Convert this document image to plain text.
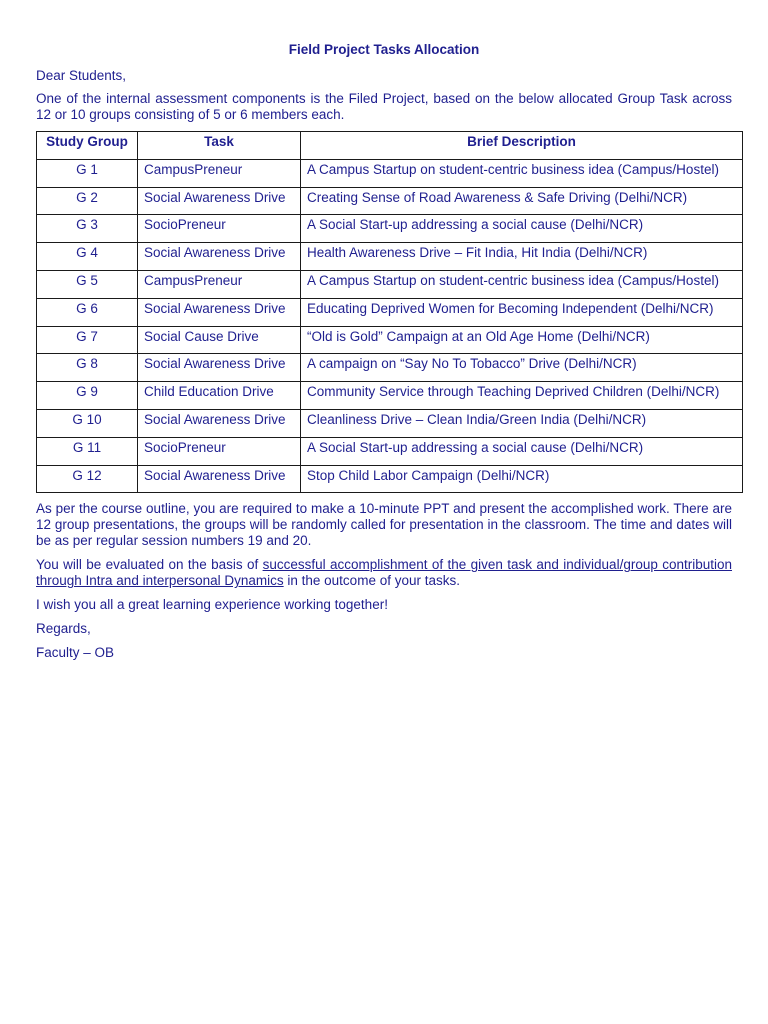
Field Project Tasks Allocation
Dear Students,
One of the internal assessment components is the Filed Project, based on the below allocated Group Task across 12 or 10 groups consisting of 5 or 6 members each.
Study Group	Task	Brief Description
G 1	CampusPreneur	A Campus Startup on student-centric business idea (Campus/Hostel)
G 2	Social Awareness Drive	Creating Sense of Road Awareness & Safe Driving (Delhi/NCR)
G 3	SocioPreneur	A Social Start-up addressing a social cause (Delhi/NCR)
G 4	Social Awareness Drive	Health Awareness Drive – Fit India, Hit India (Delhi/NCR)
G 5	CampusPreneur	A Campus Startup on student-centric business idea (Campus/Hostel)
G 6	Social Awareness Drive	Educating Deprived Women for Becoming Independent (Delhi/NCR)
G 7	Social Cause Drive	“Old is Gold” Campaign at an Old Age Home (Delhi/NCR)
G 8	Social Awareness Drive	A campaign on “Say No To Tobacco” Drive (Delhi/NCR)
G 9	Child Education Drive	Community Service through Teaching Deprived Children (Delhi/NCR)
G 10	Social Awareness Drive	Cleanliness Drive – Clean India/Green India (Delhi/NCR)
G 11	SocioPreneur	A Social Start-up addressing a social cause (Delhi/NCR)
G 12	Social Awareness Drive	Stop Child Labor Campaign (Delhi/NCR)
As per the course outline, you are required to make a 10-minute PPT and present the accomplished work. There are 12 group presentations, the groups will be randomly called for presentation in the classroom. The time and dates will be as per regular session numbers 19 and 20.
You will be evaluated on the basis of successful accomplishment of the given task and individual/group contribution through Intra and interpersonal Dynamics in the outcome of your tasks.
I wish you all a great learning experience working together!
Regards,
Faculty – OB
